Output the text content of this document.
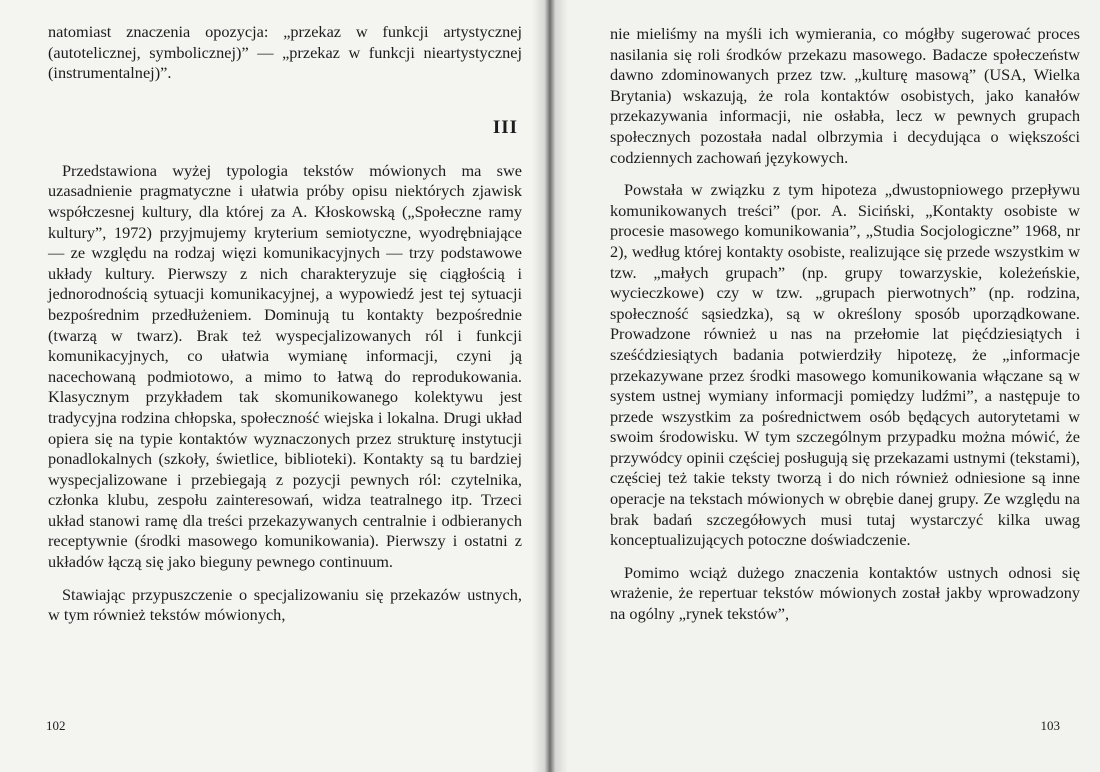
natomiast znaczenia opozycja: „przekaz w funkcji artystycznej (autotelicznej, symbolicznej)” — „przekaz w funkcji nieartystycznej (instrumentalnej)”.

III

Przedstawiona wyżej typologia tekstów mówionych ma swe uzasadnienie pragmatyczne i ułatwia próby opisu niektórych zjawisk współczesnej kultury, dla której za A. Kłoskowską („Społeczne ramy kultury”, 1972) przyjmujemy kryterium semiotyczne, wyodrębniające — ze względu na rodzaj więzi komunikacyjnych — trzy podstawowe układy kultury. Pierwszy z nich charakteryzuje się ciągłością i jednorodnością sytuacji komunikacyjnej, a wypowiedź jest tej sytuacji bezpośrednim przedłużeniem. Dominują tu kontakty bezpośrednie (twarzą w twarz). Brak też wyspecjalizowanych ról i funkcji komunikacyjnych, co ułatwia wymianę informacji, czyni ją nacechowaną podmiotowo, a mimo to łatwą do reprodukowania. Klasycznym przykładem tak skomunikowanego kolektywu jest tradycyjna rodzina chłopska, społeczność wiejska i lokalna. Drugi układ opiera się na typie kontaktów wyznaczonych przez strukturę instytucji ponadlokalnych (szkoły, świetlice, biblioteki). Kontakty są tu bardziej wyspecjalizowane i przebiegają z pozycji pewnych ról: czytelnika, członka klubu, zespołu zainteresowań, widza teatralnego itp. Trzeci układ stanowi ramę dla treści przekazywanych centralnie i odbieranych receptywnie (środki masowego komunikowania). Pierwszy i ostatni z układów łączą się jako bieguny pewnego continuum.

Stawiając przypuszczenie o specjalizowaniu się przekazów ustnych, w tym również tekstów mówionych,

102

nie mieliśmy na myśli ich wymierania, co mógłby sugerować proces nasilania się roli środków przekazu masowego. Badacze społeczeństw dawno zdominowanych przez tzw. „kulturę masową” (USA, Wielka Brytania) wskazują, że rola kontaktów osobistych, jako kanałów przekazywania informacji, nie osłabła, lecz w pewnych grupach społecznych pozostała nadal olbrzymia i decydująca o większości codziennych zachowań językowych.

Powstała w związku z tym hipoteza „dwustopniowego przepływu komunikowanych treści” (por. A. Siciński, „Kontakty osobiste w procesie masowego komunikowania”, „Studia Socjologiczne” 1968, nr 2), według której kontakty osobiste, realizujące się przede wszystkim w tzw. „małych grupach” (np. grupy towarzyskie, koleżeńskie, wycieczkowe) czy w tzw. „grupach pierwotnych” (np. rodzina, społeczność sąsiedzka), są w określony sposób uporządkowane. Prowadzone również u nas na przełomie lat pięćdziesiątych i sześćdziesiątych badania potwierdziły hipotezę, że „informacje przekazywane przez środki masowego komunikowania włączane są w system ustnej wymiany informacji pomiędzy ludźmi”, a następuje to przede wszystkim za pośrednictwem osób będących autorytetami w swoim środowisku. W tym szczególnym przypadku można mówić, że przywódcy opinii częściej posługują się przekazami ustnymi (tekstami), częściej też takie teksty tworzą i do nich również odniesione są inne operacje na tekstach mówionych w obrębie danej grupy. Ze względu na brak badań szczegółowych musi tutaj wystarczyć kilka uwag konceptualizujących potoczne doświadczenie.

Pomimo wciąż dużego znaczenia kontaktów ustnych odnosi się wrażenie, że repertuar tekstów mówionych został jakby wprowadzony na ogólny „rynek tekstów”,

103
